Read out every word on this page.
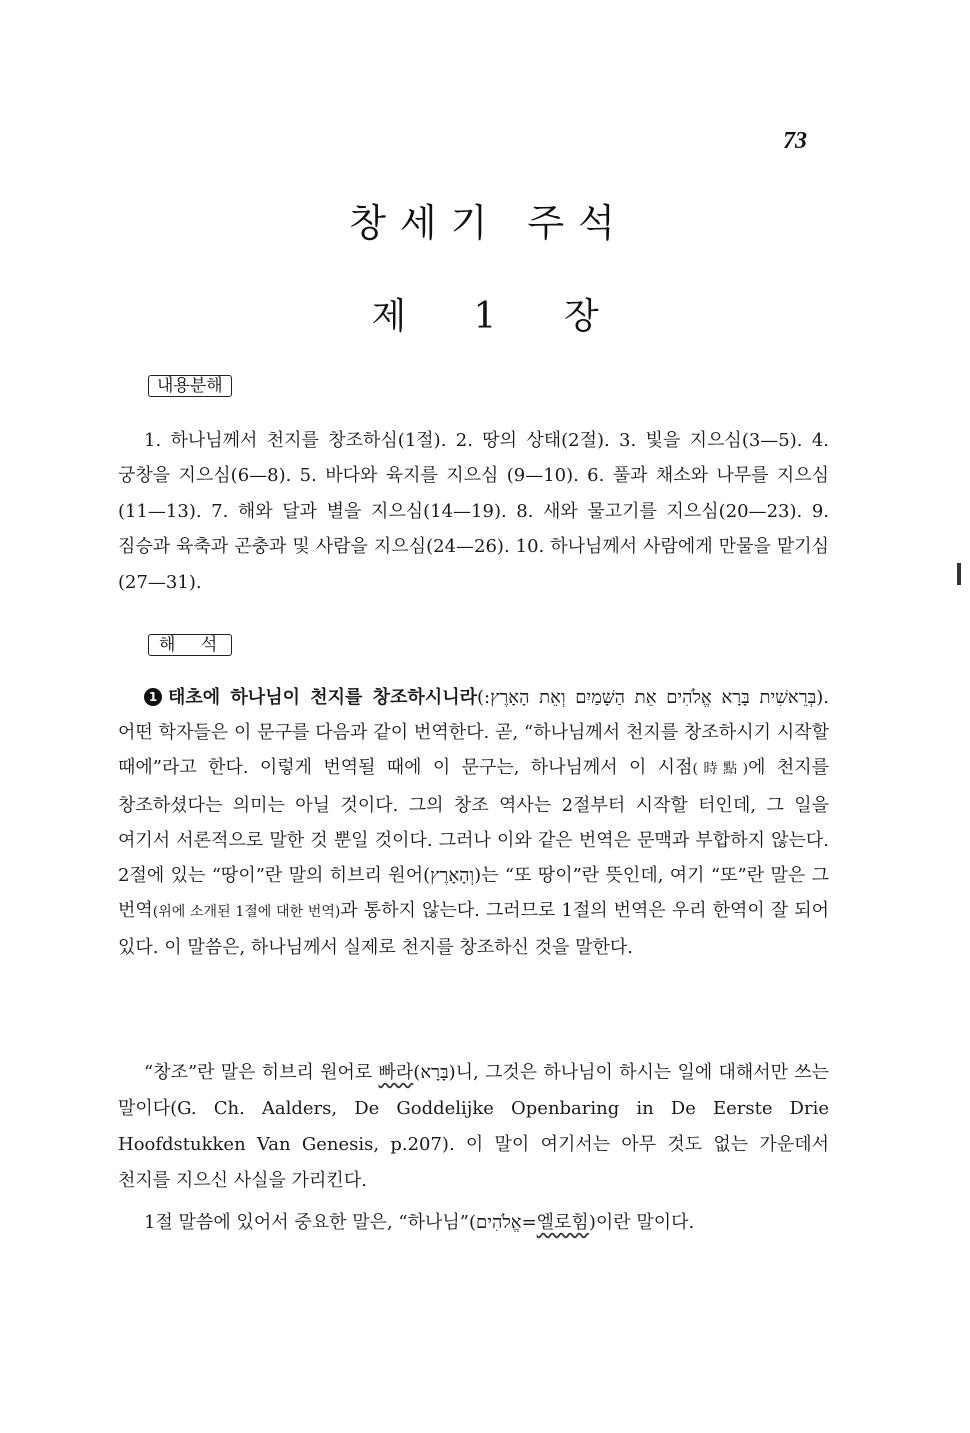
73
창세기 주석
제 1 장
내용분해

1. 하나님께서 천지를 창조하심(1절). 2. 땅의 상태(2절). 3. 빛을 지으심(3—5). 4. 궁창을 지으심(6—8). 5. 바다와 육지를 지으심 (9—10). 6. 풀과 채소와 나무를 지으심(11—13). 7. 해와 달과 별을 지으심(14—19). 8. 새와 물고기를 지으심(20—23). 9. 짐승과 육축과 곤충과 및 사람을 지으심(24—26). 10. 하나님께서 사람에게 만물을 맡기심(27—31).

해 석

1 태초에 하나님이 천지를 창조하시니라(בְּרֵאשִׁית בָּרָא אֱלֹהִים אֵת הַשָּׁמַיִם וְאֵת הָאָרֶץ:). 어떤 학자들은 이 문구를 다음과 같이 번역한다. 곧, “하나님께서 천지를 창조하시기 시작할 때에”라고 한다. 이렇게 번역될 때에 이 문구는, 하나님께서 이 시점(時點)에 천지를 창조하셨다는 의미는 아닐 것이다. 그의 창조 역사는 2절부터 시작할 터인데, 그 일을 여기서 서론적으로 말한 것 뿐일 것이다. 그러나 이와 같은 번역은 문맥과 부합하지 않는다. 2절에 있는 “땅이”란 말의 히브리 원어(וְהָאָרֶץ)는 “또 땅이”란 뜻인데, 여기 “또”란 말은 그 번역(위에 소개된 1절에 대한 번역)과 통하지 않는다. 그러므로 1절의 번역은 우리 한역이 잘 되어 있다. 이 말씀은, 하나님께서 실제로 천지를 창조하신 것을 말한다.

“창조”란 말은 히브리 원어로 빠라(בָּרָא)니, 그것은 하나님이 하시는 일에 대해서만 쓰는 말이다(G. Ch. Aalders, De Goddelijke Openbaring in De Eerste Drie Hoofdstukken Van Genesis, p.207). 이 말이 여기서는 아무 것도 없는 가운데서 천지를 지으신 사실을 가리킨다.

1절 말씀에 있어서 중요한 말은, “하나님”(אֱלֹהִים=엘로힘)이란 말이다.
